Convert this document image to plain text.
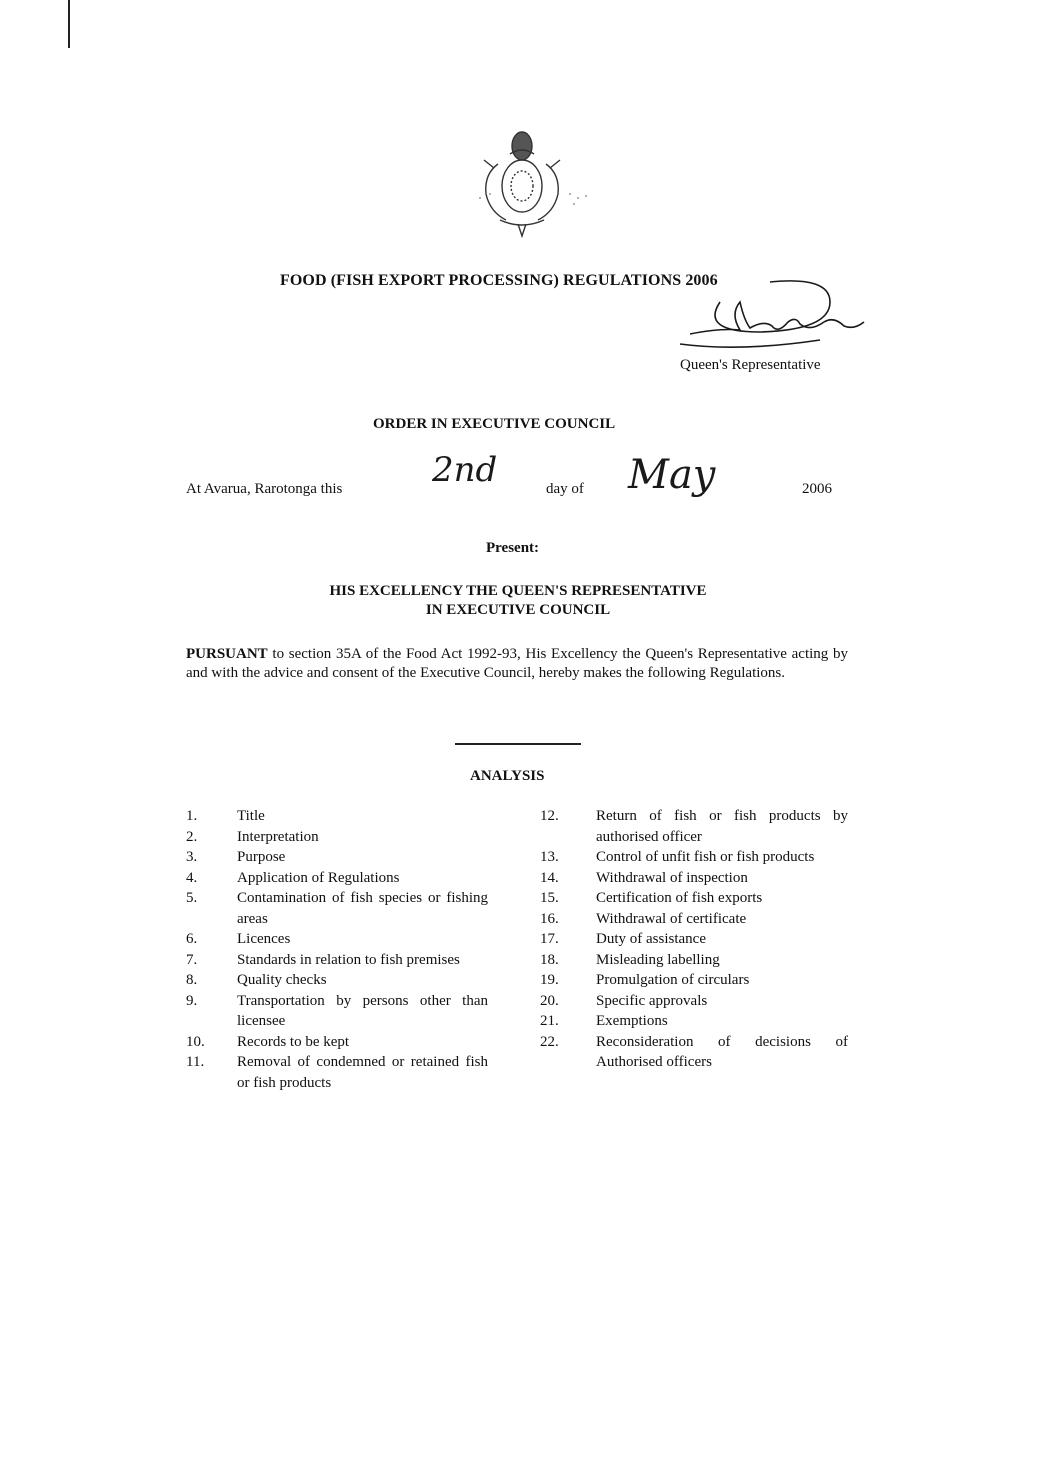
FOOD (FISH EXPORT PROCESSING) REGULATIONS 2006
Queen's Representative
ORDER IN EXECUTIVE COUNCIL
At Avarua, Rarotonga this	2nd	day of May	2006
Present:
HIS EXCELLENCY THE QUEEN'S REPRESENTATIVE
IN EXECUTIVE COUNCIL
PURSUANT to section 35A of the Food Act 1992-93, His Excellency the Queen's Representative acting by and with the advice and consent of the Executive Council, hereby makes the following Regulations.
ANALYSIS
1.	Title
2.	Interpretation
3.	Purpose
4.	Application of Regulations
5.	Contamination of fish species or fishing areas
6.	Licences
7.	Standards in relation to fish premises
8.	Quality checks
9.	Transportation by persons other than licensee
10.	Records to be kept
11.	Removal of condemned or retained fish or fish products
12.	Return of fish or fish products by authorised officer
13.	Control of unfit fish or fish products
14.	Withdrawal of inspection
15.	Certification of fish exports
16.	Withdrawal of certificate
17.	Duty of assistance
18.	Misleading labelling
19.	Promulgation of circulars
20.	Specific approvals
21.	Exemptions
22.	Reconsideration of decisions of Authorised officers
